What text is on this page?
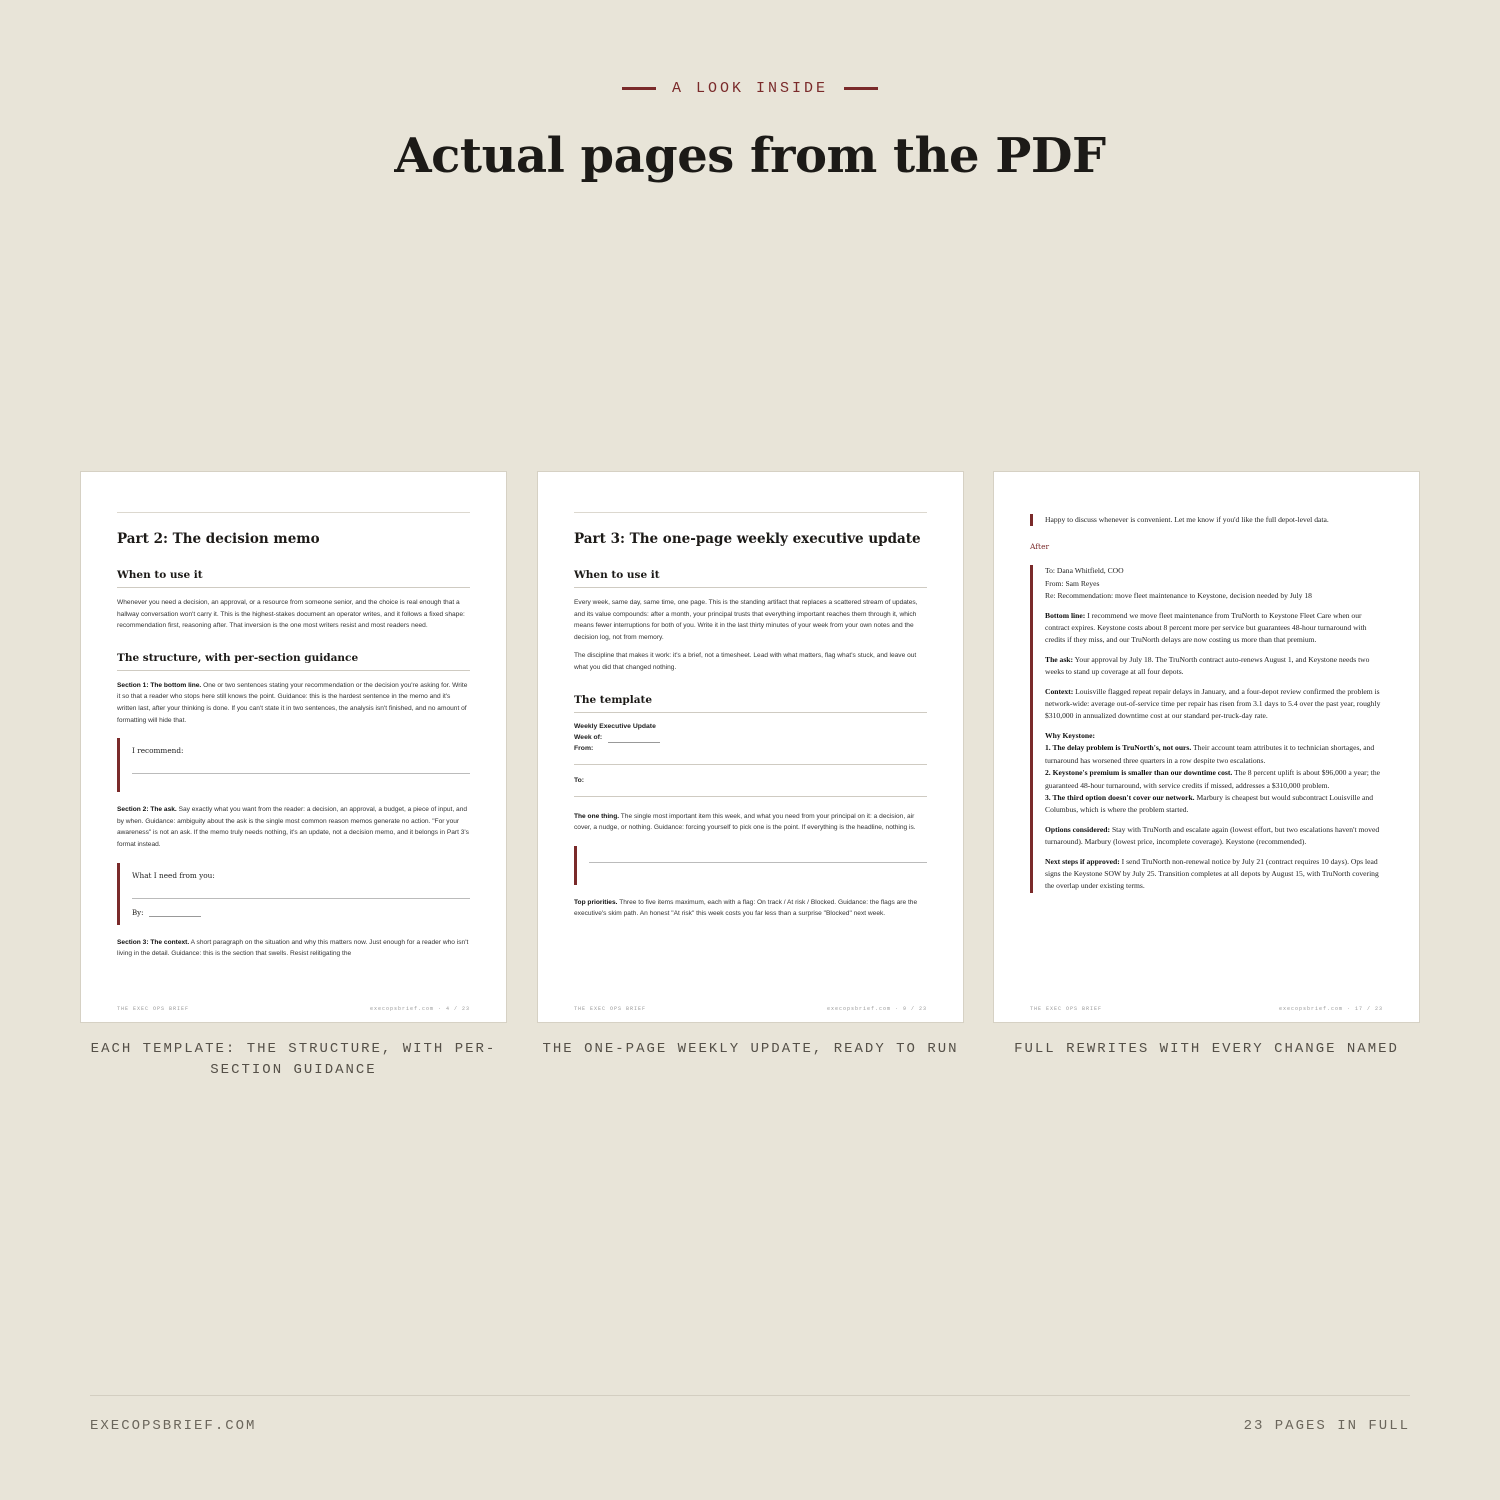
A LOOK INSIDE
Actual pages from the PDF
Part 2: The decision memo
When to use it
Whenever you need a decision, an approval, or a resource from someone senior, and the choice is real enough that a hallway conversation won't carry it. This is the highest-stakes document an operator writes, and it follows a fixed shape: recommendation first, reasoning after. That inversion is the one most writers resist and most readers need.
The structure, with per-section guidance
Section 1: The bottom line. One or two sentences stating your recommendation or the decision you're asking for. Write it so that a reader who stops here still knows the point. Guidance: this is the hardest sentence in the memo and it's written last, after your thinking is done. If you can't state it in two sentences, the analysis isn't finished, and no amount of formatting will hide that.
I recommend:
Section 2: The ask. Say exactly what you want from the reader: a decision, an approval, a budget, a piece of input, and by when. Guidance: ambiguity about the ask is the single most common reason memos generate no action. "For your awareness" is not an ask. If the memo truly needs nothing, it's an update, not a decision memo, and it belongs in Part 3's format instead.
What I need from you:
By:
Section 3: The context. A short paragraph on the situation and why this matters now. Just enough for a reader who isn't living in the detail. Guidance: this is the section that swells. Resist relitigating the
THE EXEC OPS BRIEF	execopsbrief.com · 4 / 23
Part 3: The one-page weekly executive update
When to use it
Every week, same day, same time, one page. This is the standing artifact that replaces a scattered stream of updates, and its value compounds: after a month, your principal trusts that everything important reaches them through it, which means fewer interruptions for both of you. Write it in the last thirty minutes of your week from your own notes and the decision log, not from memory.
The discipline that makes it work: it's a brief, not a timesheet. Lead with what matters, flag what's stuck, and leave out what you did that changed nothing.
The template
Weekly Executive Update
Week of:
From:
To:
The one thing. The single most important item this week, and what you need from your principal on it: a decision, air cover, a nudge, or nothing. Guidance: forcing yourself to pick one is the point. If everything is the headline, nothing is.
Top priorities. Three to five items maximum, each with a flag: On track / At risk / Blocked. Guidance: the flags are the executive's skim path. An honest "At risk" this week costs you far less than a surprise "Blocked" next week.
THE EXEC OPS BRIEF	execopsbrief.com · 9 / 23

Happy to discuss whenever is convenient. Let me know if you'd like the full depot-level data.

After

To: Dana Whitfield, COO
From: Sam Reyes
Re: Recommendation: move fleet maintenance to Keystone, decision needed by July 18

Bottom line: I recommend we move fleet maintenance from TruNorth to Keystone Fleet Care when our contract expires. Keystone costs about 8 percent more per service but guarantees 48-hour turnaround with credits if they miss, and our TruNorth delays are now costing us more than that premium.

The ask: Your approval by July 18. The TruNorth contract auto-renews August 1, and Keystone needs two weeks to stand up coverage at all four depots.

Context: Louisville flagged repeat repair delays in January, and a four-depot review confirmed the problem is network-wide: average out-of-service time per repair has risen from 3.1 days to 5.4 over the past year, roughly $310,000 in annualized downtime cost at our standard per-truck-day rate.

Why Keystone:
1. The delay problem is TruNorth's, not ours. Their account team attributes it to technician shortages, and turnaround has worsened three quarters in a row despite two escalations.
2. Keystone's premium is smaller than our downtime cost. The 8 percent uplift is about $96,000 a year; the guaranteed 48-hour turnaround, with service credits if missed, addresses a $310,000 problem.
3. The third option doesn't cover our network. Marbury is cheapest but would subcontract Louisville and Columbus, which is where the problem started.

Options considered: Stay with TruNorth and escalate again (lowest effort, but two escalations haven't moved turnaround). Marbury (lowest price, incomplete coverage). Keystone (recommended).

Next steps if approved: I send TruNorth non-renewal notice by July 21 (contract requires 10 days). Ops lead signs the Keystone SOW by July 25. Transition completes at all depots by August 15, with TruNorth covering the overlap under existing terms.

THE EXEC OPS BRIEF	execopsbrief.com · 17 / 23
EACH TEMPLATE: THE STRUCTURE, WITH PER-SECTION GUIDANCE
THE ONE-PAGE WEEKLY UPDATE, READY TO RUN	FULL REWRITES WITH EVERY CHANGE NAMED
EXECOPSBRIEF.COM	23 PAGES IN FULL
